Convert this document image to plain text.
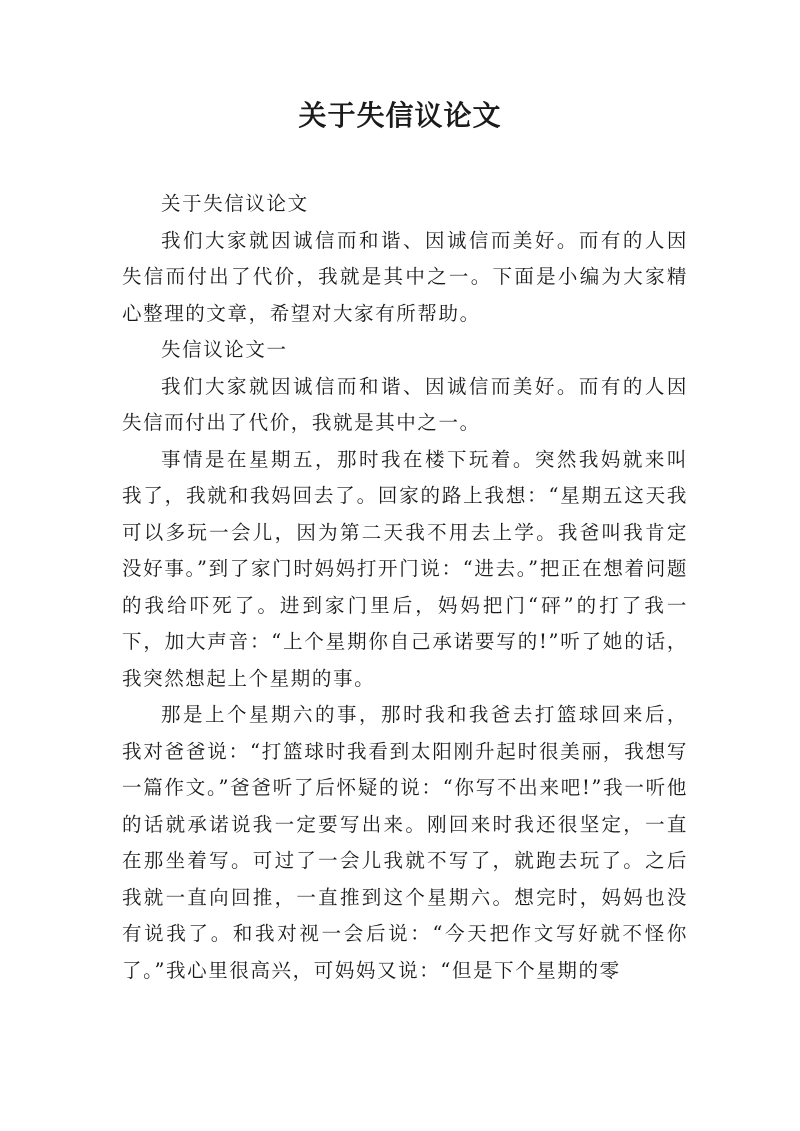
关于失信议论文

关于失信议论文

我们大家就因诚信而和谐、因诚信而美好。而有的人因失信而付出了代价，我就是其中之一。下面是小编为大家精心整理的文章，希望对大家有所帮助。

失信议论文一

我们大家就因诚信而和谐、因诚信而美好。而有的人因失信而付出了代价，我就是其中之一。

事情是在星期五，那时我在楼下玩着。突然我妈就来叫我了，我就和我妈回去了。回家的路上我想：“星期五这天我可以多玩一会儿，因为第二天我不用去上学。我爸叫我肯定没好事。”到了家门时妈妈打开门说：“进去。”把正在想着问题的我给吓死了。进到家门里后，妈妈把门“砰”的打了我一下，加大声音：“上个星期你自己承诺要写的!”听了她的话，我突然想起上个星期的事。

那是上个星期六的事，那时我和我爸去打篮球回来后，我对爸爸说：“打篮球时我看到太阳刚升起时很美丽，我想写一篇作文。”爸爸听了后怀疑的说：“你写不出来吧!”我一听他的话就承诺说我一定要写出来。刚回来时我还很坚定，一直在那坐着写。可过了一会儿我就不写了，就跑去玩了。之后我就一直向回推，一直推到这个星期六。想完时，妈妈也没有说我了。和我对视一会后说：“今天把作文写好就不怪你了。”我心里很高兴，可妈妈又说：“但是下个星期的零
